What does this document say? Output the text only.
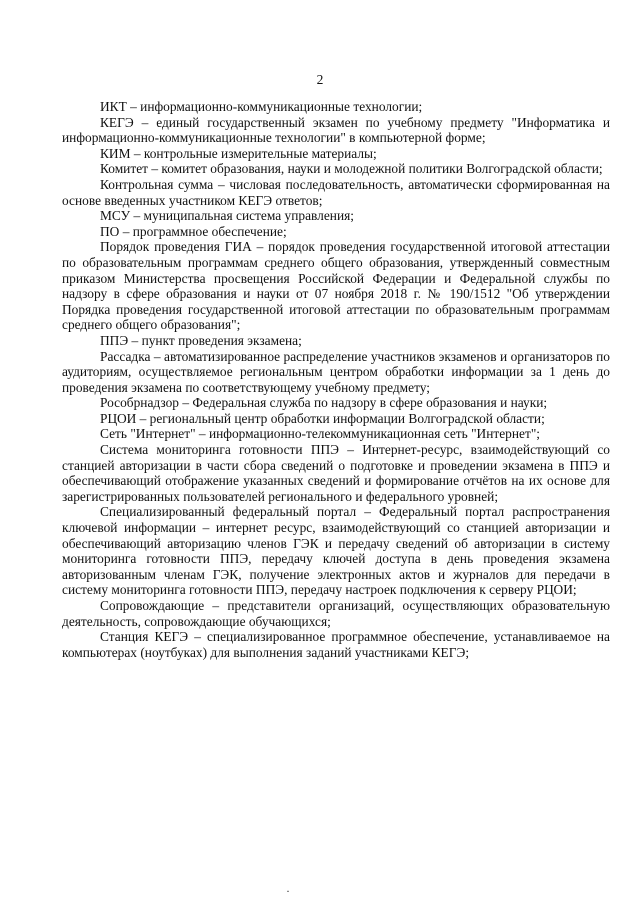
2

ИКТ – информационно-коммуникационные технологии;

КЕГЭ – единый государственный экзамен по учебному предмету "Информатика и информационно-коммуникационные технологии" в компьютерной форме;

КИМ – контрольные измерительные материалы;

Комитет – комитет образования, науки и молодежной политики Волгоградской области;

Контрольная сумма – числовая последовательность, автоматически сформированная на основе введенных участником КЕГЭ ответов;

МСУ – муниципальная система управления;

ПО – программное обеспечение;

Порядок проведения ГИА – порядок проведения государственной итоговой аттестации по образовательным программам среднего общего образования, утвержденный совместным приказом Министерства просвещения Российской Федерации и Федеральной службы по надзору в сфере образования и науки от 07 ноября 2018 г. № 190/1512 "Об утверждении Порядка проведения государственной итоговой аттестации по образовательным программам среднего общего образования";

ППЭ – пункт проведения экзамена;

Рассадка – автоматизированное распределение участников экзаменов и организаторов по аудиториям, осуществляемое региональным центром обработки информации за 1 день до проведения экзамена по соответствующему учебному предмету;

Рособрнадзор – Федеральная служба по надзору в сфере образования и науки;

РЦОИ – региональный центр обработки информации Волгоградской области;

Сеть "Интернет" – информационно-телекоммуникационная сеть "Интернет";

Система мониторинга готовности ППЭ – Интернет-ресурс, взаимодействующий со станцией авторизации в части сбора сведений о подготовке и проведении экзамена в ППЭ и обеспечивающий отображение указанных сведений и формирование отчётов на их основе для зарегистрированных пользователей регионального и федерального уровней;

Специализированный федеральный портал – Федеральный портал распространения ключевой информации – интернет ресурс, взаимодействующий со станцией авторизации и обеспечивающий авторизацию членов ГЭК и передачу сведений об авторизации в систему мониторинга готовности ППЭ, передачу ключей доступа в день проведения экзамена авторизованным членам ГЭК, получение электронных актов и журналов для передачи в систему мониторинга готовности ППЭ, передачу настроек подключения к серверу РЦОИ;

Сопровождающие – представители организаций, осуществляющих образовательную деятельность, сопровождающие обучающихся;

Станция КЕГЭ – специализированное программное обеспечение, устанавливаемое на компьютерах (ноутбуках) для выполнения заданий участниками КЕГЭ;

·
